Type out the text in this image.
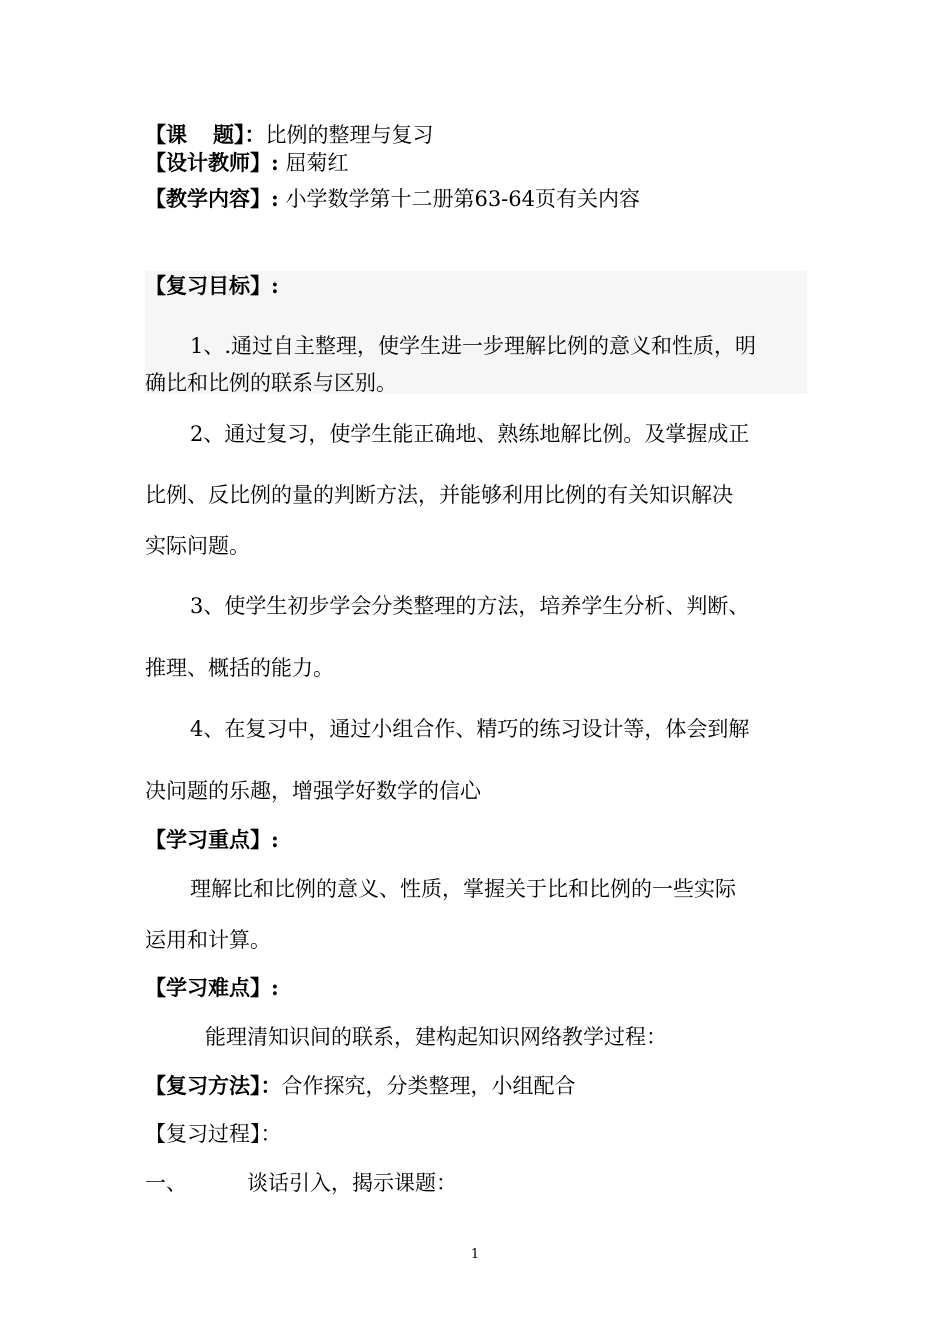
【课 题】：比例的整理与复习
【设计教师】: 屈菊红
【教学内容】: 小学数学第十二册第63-64页有关内容
【复习目标】:
1、.通过自主整理，使学生进一步理解比例的意义和性质，明
确比和比例的联系与区别。
2、通过复习，使学生能正确地、熟练地解比例。及掌握成正
比例、反比例的量的判断方法，并能够利用比例的有关知识解决
实际问题。
3、使学生初步学会分类整理的方法，培养学生分析、判断、
推理、概括的能力。
4、在复习中，通过小组合作、精巧的练习设计等，体会到解
决问题的乐趣，增强学好数学的信心
【学习重点】:
理解比和比例的意义、性质，掌握关于比和比例的一些实际
运用和计算。
【学习难点】:
能理清知识间的联系，建构起知识网络教学过程：
【复习方法】：合作探究，分类整理，小组配合
【复习过程】：
一、	谈话引入，揭示课题：
1
